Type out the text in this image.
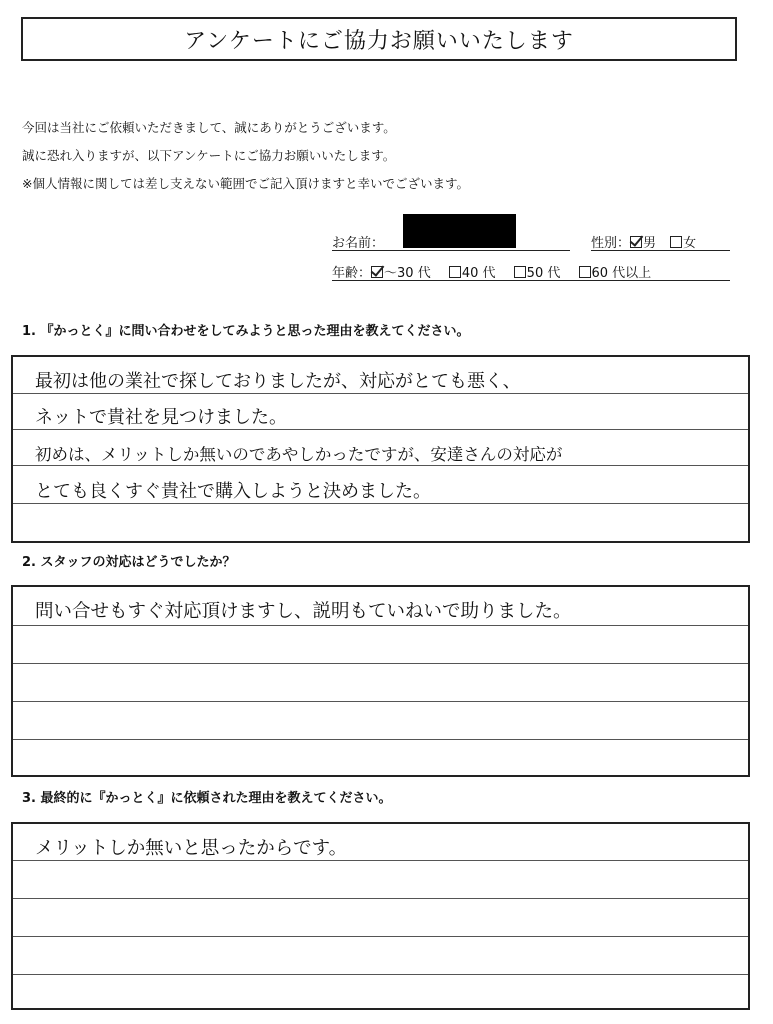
アンケートにご協力お願いいたします
今回は当社にご依頼いただきまして、誠にありがとうございます。
誠に恐れ入りますが、以下アンケートにご協力お願いいたします。
※個人情報に関しては差し支えない範囲でご記入頂けますと幸いでございます。
お名前：	性別： 男 女
年齢： ～30 代 40 代 50 代 60 代以上
1. 『かっとく』に問い合わせをしてみようと思った理由を教えてください。
最初は他の業社で探しておりましたが、対応がとても悪く、
ネットで貴社を見つけました。
初めは、メリットしか無いのであやしかったですが、安達さんの対応が
とても良くすぐ貴社で購入しようと決めました。
2. スタッフの対応はどうでしたか？
問い合せもすぐ対応頂けますし、説明もていねいで助りました。
3. 最終的に『かっとく』に依頼された理由を教えてください。
メリットしか無いと思ったからです。
